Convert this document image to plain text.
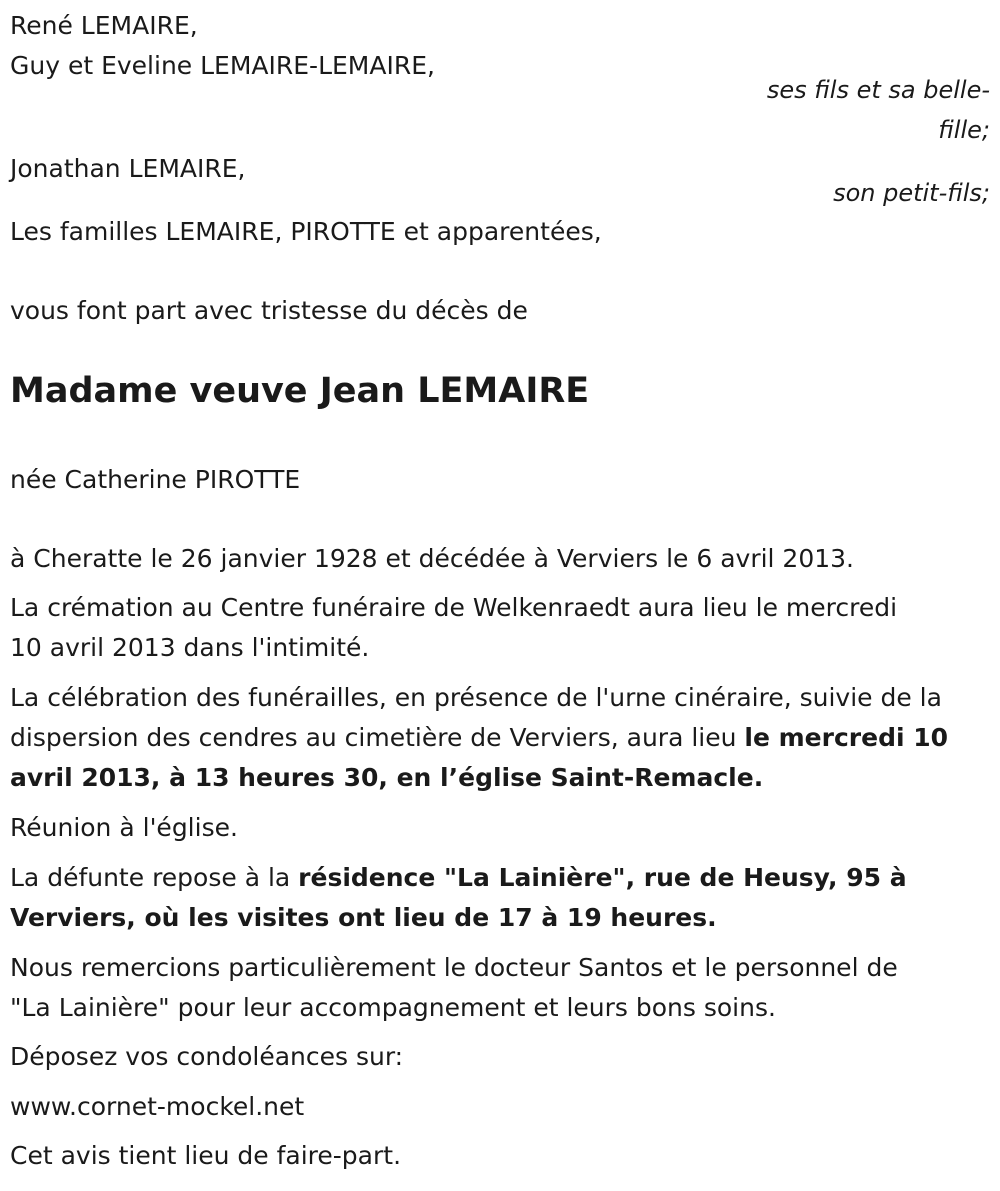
René LEMAIRE,

Guy et Eveline LEMAIRE-LEMAIRE,

ses fils et sa belle-
fille;

Jonathan LEMAIRE,

son petit-fils;

Les familles LEMAIRE, PIROTTE et apparentées,

vous font part avec tristesse du décès de

Madame veuve Jean LEMAIRE

née Catherine PIROTTE

à Cheratte le 26 janvier 1928 et décédée à Verviers le 6 avril 2013.

La crémation au Centre funéraire de Welkenraedt aura lieu le mercredi

10 avril 2013 dans l'intimité.

La célébration des funérailles, en présence de l'urne cinéraire, suivie de la

dispersion des cendres au cimetière de Verviers, aura lieu le mercredi 10

avril 2013, à 13 heures 30, en l’église Saint-Remacle.

Réunion à l'église.

La défunte repose à la résidence "La Lainière", rue de Heusy, 95 à

Verviers, où les visites ont lieu de 17 à 19 heures.

Nous remercions particulièrement le docteur Santos et le personnel de

"La Lainière" pour leur accompagnement et leurs bons soins.

Déposez vos condoléances sur:

www.cornet-mockel.net

Cet avis tient lieu de faire-part.
